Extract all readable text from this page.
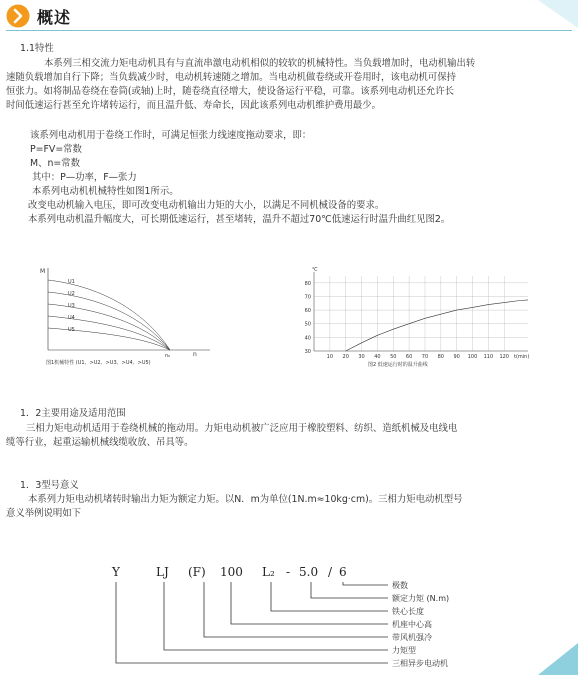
概述
1.1特性
本系列三相交流力矩电动机具有与直流串激电动机相似的较软的机械特性。当负载增加时，电动机输出转
速随负载增加自行下降；当负载减少时，电动机转速随之增加。当电动机做卷绕或开卷用时，该电动机可保持
恒张力。如将制品卷绕在卷筒(或轴)上时，随卷绕直径增大，使设备运行平稳，可靠。该系列电动机还允许长
时间低速运行甚至允许堵转运行，而且温升低、寿命长，因此该系列电动机维护费用最少。
该系列电动机用于卷绕工作时，可满足恒张力线速度拖动要求，即：
P=FV=常数
M、n=常数
其中：P—功率，F—张力
本系列电动机机械特性如图1所示。
改变电动机输入电压，即可改变电动机输出力矩的大小，以满足不同机械设备的要求。
本系列电动机温升幅度大，可长期低速运行，甚至堵转，温升不超过70℃低速运行时温升曲红见图2。
M
n
n₀
U1
U2
U3
U4
U5
图1机械特性 (U1、>U2、>U3、>U4、>U5)
30
40
50
60
70
80
10 20 30 40 50 60 70 80 90 100 110 120
℃
t(min)
图2 低速运行时的温升曲线
1．2主要用途及适用范围
三相力矩电动机适用于卷绕机械的拖动用。力矩电动机被广泛应用于橡胶塑料、纺织、造纸机械及电线电
缆等行业，起重运输机械线缆收放、吊具等。
1．3型号意义
本系列力矩电动机堵转时输出力矩为额定力矩。以N．m为单位(1N.m≈10kg·cm)。三相力矩电动机型号
意义举例说明如下
Y	LJ (F) 100 L₂ - 5.0 / 6
极数
额定力矩 (N.m)
铁心长度
机座中心高
带风机强冷
力矩型
三相异步电动机
